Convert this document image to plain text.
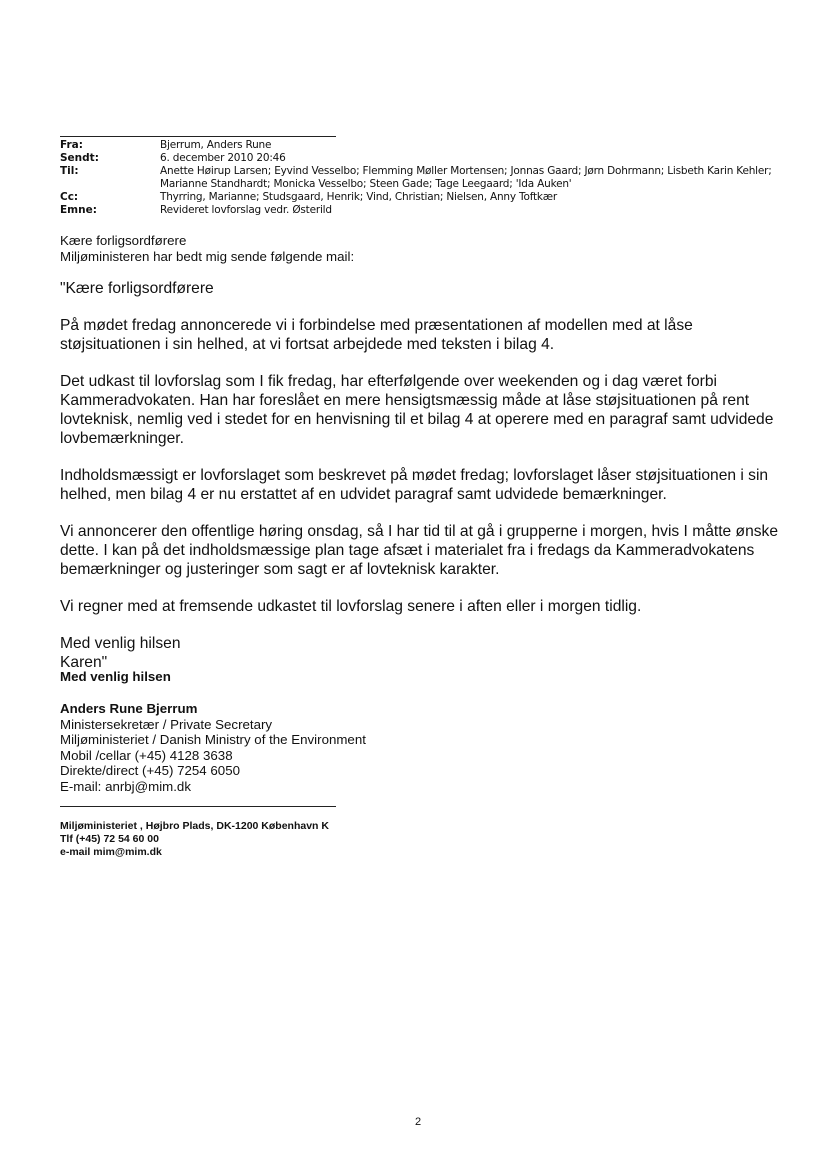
Fra:	Bjerrum, Anders Rune
Sendt:	6. december 2010 20:46
Til:	Anette Høirup Larsen; Eyvind Vesselbo; Flemming Møller Mortensen; Jonnas Gaard; Jørn Dohrmann; Lisbeth Karin Kehler;
Marianne Standhardt; Monicka Vesselbo; Steen Gade; Tage Leegaard; 'Ida Auken'
Cc:	Thyrring, Marianne; Studsgaard, Henrik; Vind, Christian; Nielsen, Anny Toftkær
Emne:	Revideret lovforslag vedr. Østerild
Kære forligsordførere
Miljøministeren har bedt mig sende følgende mail:

"Kære forligsordførere

På mødet fredag annoncerede vi i forbindelse med præsentationen af modellen med at låse støjsituationen i sin helhed, at vi fortsat arbejdede med teksten i bilag 4.

Det udkast til lovforslag som I fik fredag, har efterfølgende over weekenden og i dag været forbi Kammeradvokaten. Han har foreslået en mere hensigtsmæssig måde at låse støjsituationen på rent lovteknisk, nemlig ved i stedet for en henvisning til et bilag 4 at operere med en paragraf samt udvidede lovbemærkninger.

Indholdsmæssigt er lovforslaget som beskrevet på mødet fredag; lovforslaget låser støjsituationen i sin helhed, men bilag 4 er nu erstattet af en udvidet paragraf samt udvidede bemærkninger.

Vi annoncerer den offentlige høring onsdag, så I har tid til at gå i grupperne i morgen, hvis I måtte ønske dette. I kan på det indholdsmæssige plan tage afsæt i materialet fra i fredags da Kammeradvokatens bemærkninger og justeringer som sagt er af lovteknisk karakter.

Vi regner med at fremsende udkastet til lovforslag senere i aften eller i morgen tidlig.

Med venlig hilsen
Karen"

Med venlig hilsen
Anders Rune Bjerrum
Ministersekretær / Private Secretary
Miljøministeriet / Danish Ministry of the Environment
Mobil /cellar (+45) 4128 3638
Direkte/direct (+45) 7254 6050
E-mail: anrbj@mim.dk
Miljøministeriet , Højbro Plads, DK-1200 København K
Tlf (+45) 72 54 60 00
e-mail mim@mim.dk
2
